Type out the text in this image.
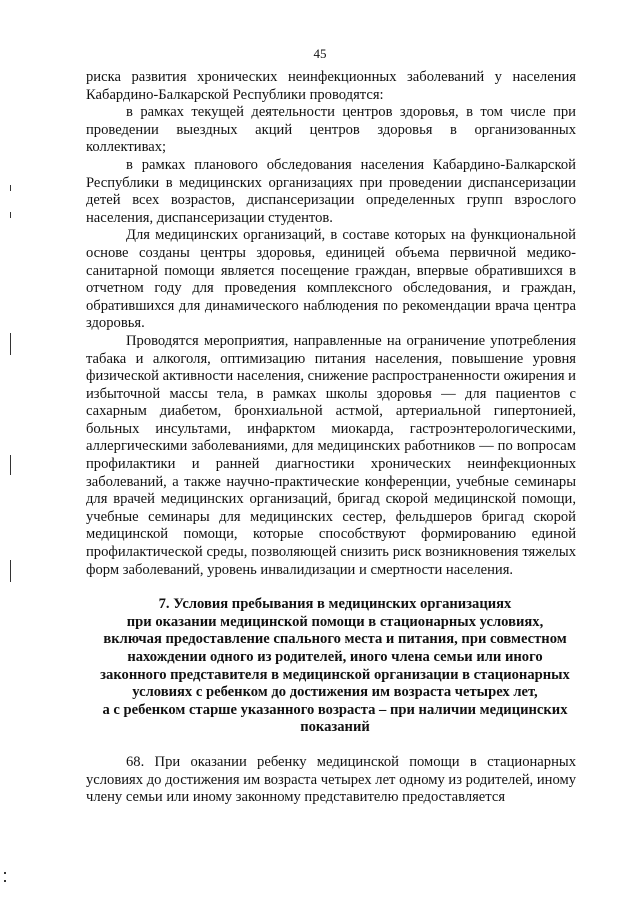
45

риска развития хронических неинфекционных заболеваний у населения Кабардино-Балкарской Республики проводятся:

в рамках текущей деятельности центров здоровья, в том числе при проведении выездных акций центров здоровья в организованных коллективах;

в рамках планового обследования населения Кабардино-Балкарской Республики в медицинских организациях при проведении диспансеризации детей всех возрастов, диспансеризации определенных групп взрослого населения, диспансеризации студентов.

Для медицинских организаций, в составе которых на функциональной основе созданы центры здоровья, единицей объема первичной медико-санитарной помощи является посещение граждан, впервые обратившихся в отчетном году для проведения комплексного обследования, и граждан, обратившихся для динамического наблюдения по рекомендации врача центра здоровья.

Проводятся мероприятия, направленные на ограничение употребления табака и алкоголя, оптимизацию питания населения, повышение уровня физической активности населения, снижение распространенности ожирения и избыточной массы тела, в рамках школы здоровья — для пациентов с сахарным диабетом, бронхиальной астмой, артериальной гипертонией, больных инсультами, инфарктом миокарда, гастроэнтерологическими, аллергическими заболеваниями, для медицинских работников — по вопросам профилактики и ранней диагностики хронических неинфекционных заболеваний, а также научно-практические конференции, учебные семинары для врачей медицинских организаций, бригад скорой медицинской помощи, учебные семинары для медицинских сестер, фельдшеров бригад скорой медицинской помощи, которые способствуют формированию единой профилактической среды, позволяющей снизить риск возникновения тяжелых форм заболеваний, уровень инвалидизации и смертности населения.

7. Условия пребывания в медицинских организациях

при оказании медицинской помощи в стационарных условиях,

включая предоставление спального места и питания, при совместном

нахождении одного из родителей, иного члена семьи или иного

законного представителя в медицинской организации в стационарных

условиях с ребенком до достижения им возраста четырех лет,

а с ребенком старше указанного возраста – при наличии медицинских

показаний

68. При оказании ребенку медицинской помощи в стационарных условиях до достижения им возраста четырех лет одному из родителей, иному члену семьи или иному законному представителю предоставляется
